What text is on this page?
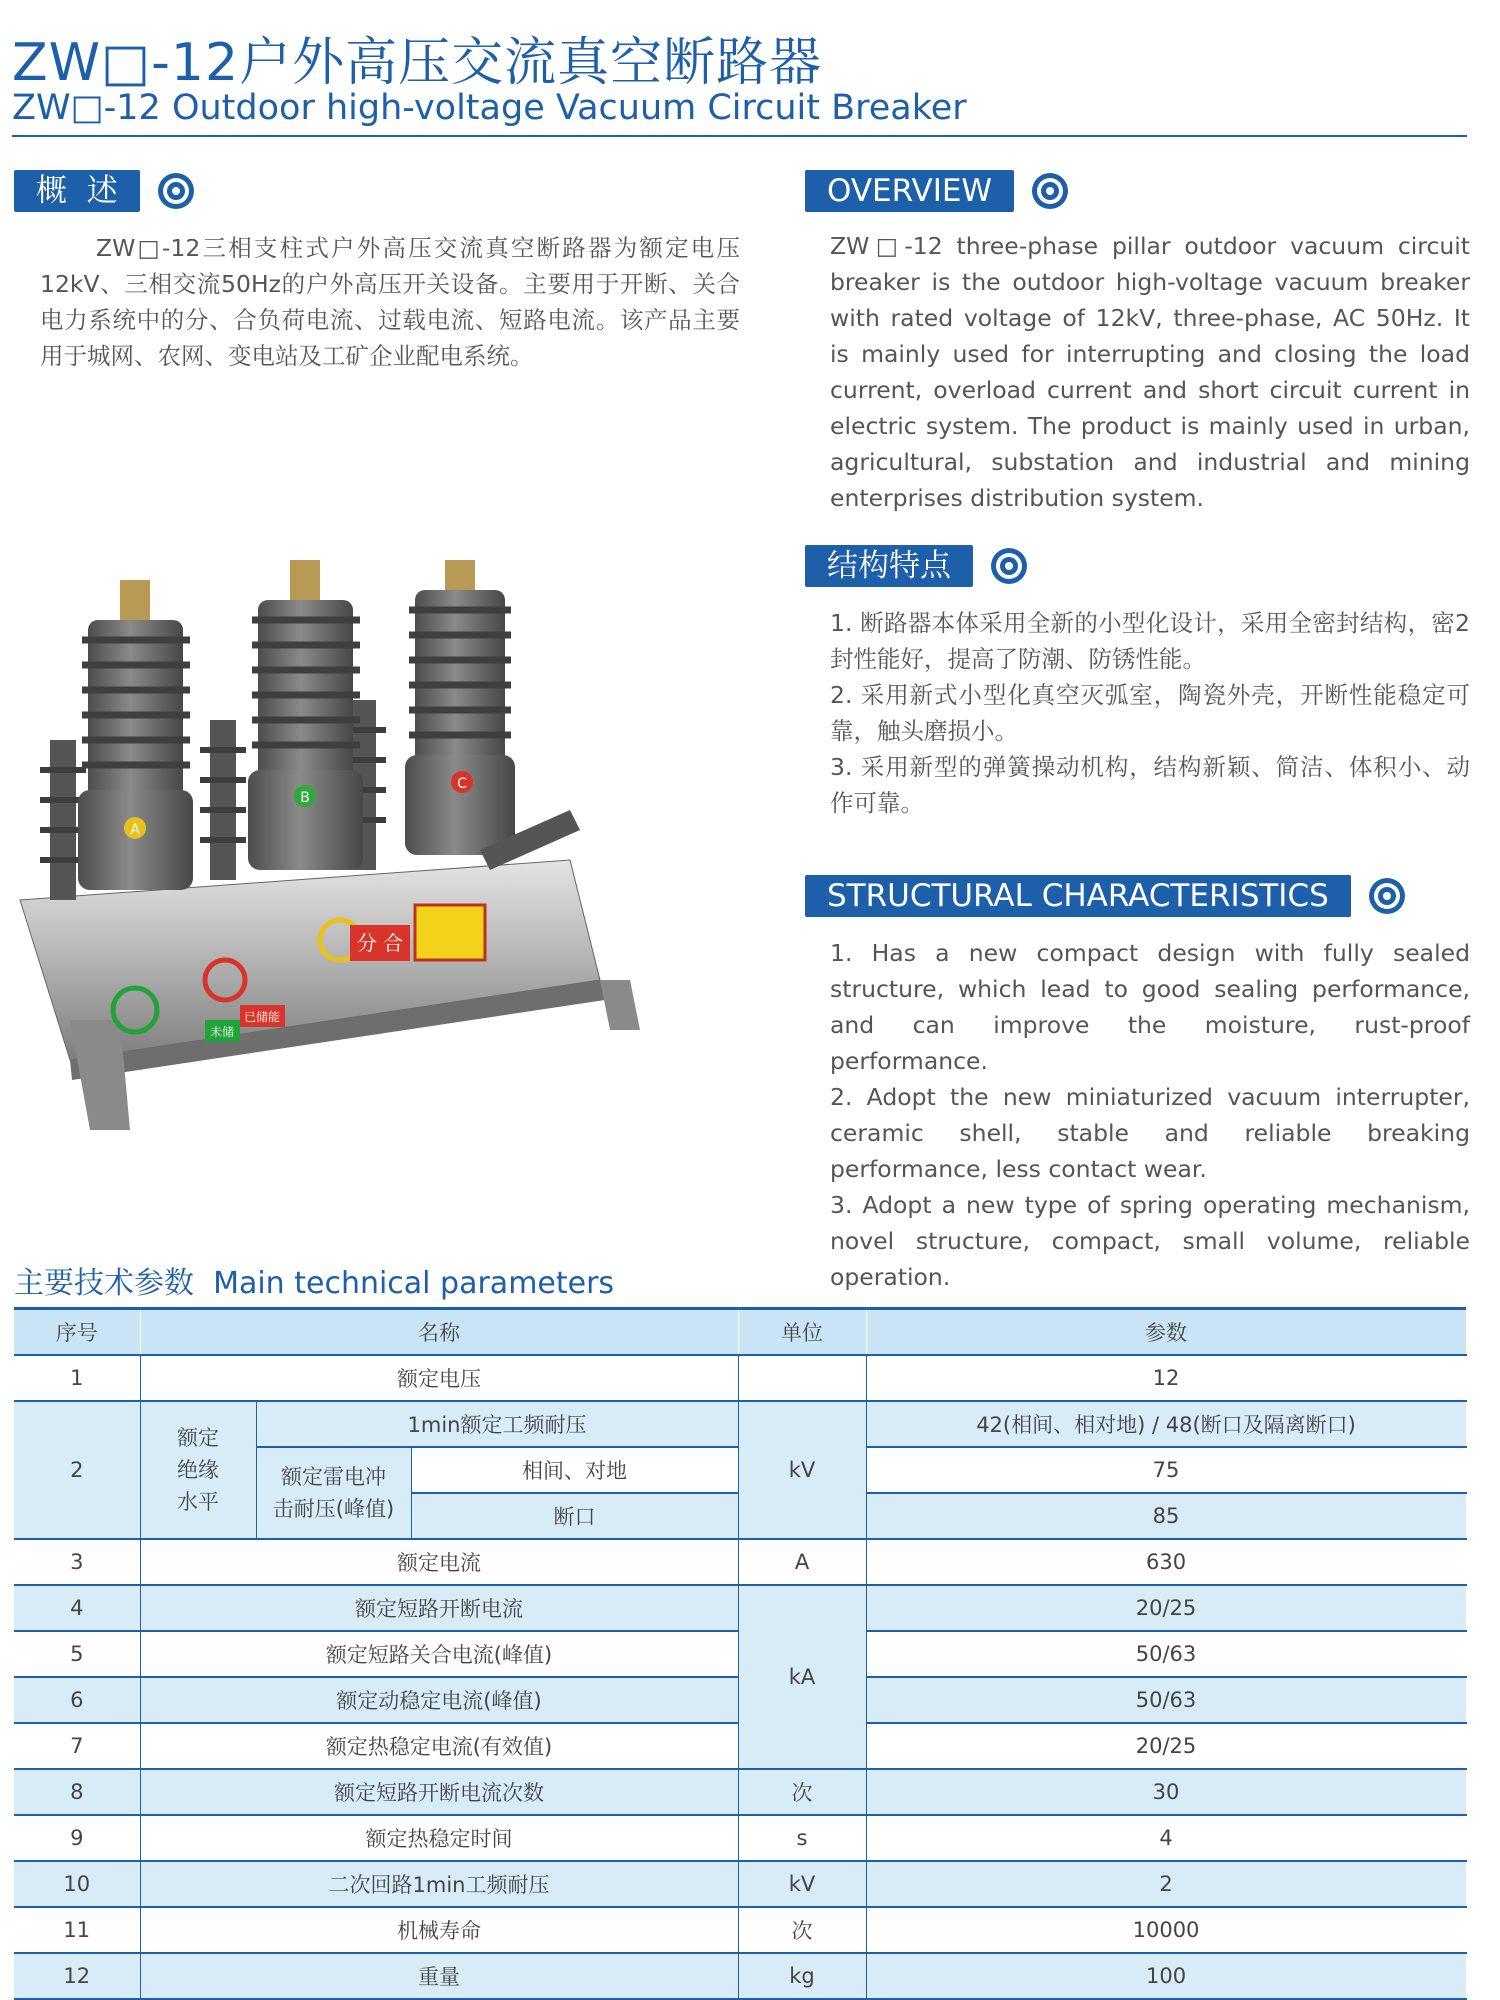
ZW□-12户外高压交流真空断路器
ZW□-12 Outdoor high-voltage Vacuum Circuit Breaker
概  述
ZW□-12三相支柱式户外高压交流真空断路器为额定电压12kV、三相交流50Hz的户外高压开关设备。主要用于开断、关合电力系统中的分、合负荷电流、过载电流、短路电流。该产品主要用于城网、农网、变电站及工矿企业配电系统。
OVERVIEW
ZW□-12 three-phase pillar outdoor vacuum circuit breaker is the outdoor high-voltage vacuum breaker with rated voltage of 12kV, three-phase, AC 50Hz. It is mainly used for interrupting and closing the load current, overload current and short circuit current in electric system. The product is mainly used in urban, agricultural, substation and industrial and mining enterprises distribution system.
结构特点

1. 断路器本体采用全新的小型化设计，采用全密封结构，密2封性能好，提高了防潮、防锈性能。

2. 采用新式小型化真空灭弧室，陶瓷外壳，开断性能稳定可靠，触头磨损小。

3. 采用新型的弹簧操动机构，结构新颖、简洁、体积小、动作可靠。

STRUCTURAL CHARACTERISTICS

1. Has a new compact design with fully sealed structure, which lead to good sealing performance, and can improve the moisture, rust-proof performance.

2. Adopt the new miniaturized vacuum interrupter, ceramic shell, stable and reliable breaking performance, less contact wear.

3. Adopt a new type of spring operating mechanism, novel structure, compact, small volume, reliable operation.

A
B
C
分 合
已储能
未储
主要技术参数  Main technical parameters
序号	名称			单位	参数
1	额定电压				12
2	额定
绝缘
水平	1min额定工频耐压		kV	42(相间、相对地) / 48(断口及隔离断口)
		额定雷电冲
击耐压(峰值)	相间、对地		75
			断口		85
3	额定电流			A	630
4	额定短路开断电流			kA	20/25
5	额定短路关合电流(峰值)				50/63
6	额定动稳定电流(峰值)				50/63
7	额定热稳定电流(有效值)				20/25
8	额定短路开断电流次数			次	30
9	额定热稳定时间			s	4
10	二次回路1min工频耐压			kV	2
11	机械寿命			次	10000
12	重量			kg	100
